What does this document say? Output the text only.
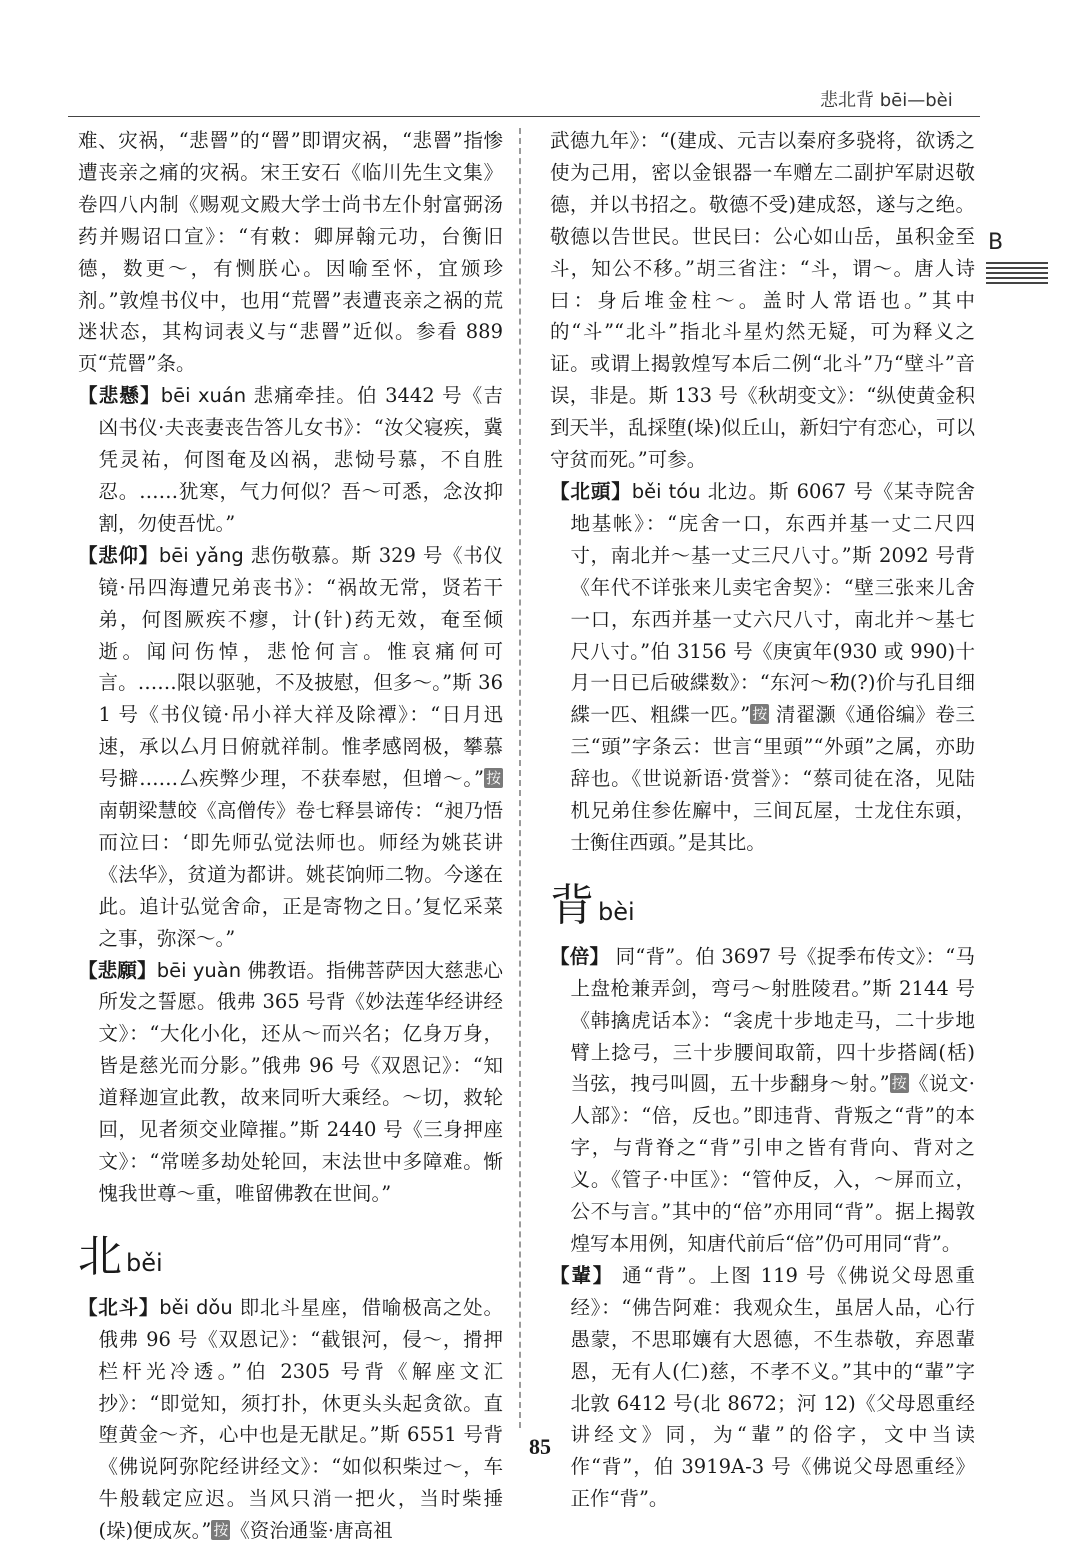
悲北背 bēi—bèi
B

难、灾祸，“悲罾”的“罾”即谓灾祸，“悲罾”指惨遭丧亲之痛的灾祸。宋王安石《临川先生文集》卷四八内制《赐观文殿大学士尚书左仆射富弼汤药并赐诏口宣》：“有敕：卿屏翰元功，台衡旧德，数更～，有恻朕心。因喻至怀，宜颁珍剂。”敦煌书仪中，也用“荒罾”表遭丧亲之祸的荒迷状态，其构词表义与“悲罾”近似。参看 889 页“荒罾”条。

【悲懸】bēi xuán 悲痛牵挂。伯 3442 号《吉凶书仪·夫丧妻丧告答儿女书》：“汝父寝疾，冀凭灵祐，何图奄及凶祸，悲恸号慕，不自胜忍。……犹寒，气力何似？吾～可悉，念汝抑割，勿使吾忧。”

【悲仰】bēi yǎng 悲伤敬慕。斯 329 号《书仪镜·吊四海遭兄弟丧书》：“祸故无常，贤若干弟，何图厥疾不瘳，计(针)药无效，奄至倾逝。闻问伤悼，悲怆何言。惟哀痛何可言。……限以驱驰，不及披慰，但多～。”斯 361 号《书仪镜·吊小祥大祥及除禫》：“日月迅速，承以厶月日俯就祥制。惟孝感罔极，攀慕号擗……厶疾弊少理，不获奉慰，但增～。” 按 南朝梁慧皎《高僧传》卷七释昙谛传：“昶乃悟而泣曰：‘即先师弘觉法师也。师经为姚苌讲《法华》，贫道为都讲。姚苌饷师二物。今遂在此。追计弘觉舍命，正是寄物之日。’复忆采菜之事，弥深～。”

【悲願】bēi yuàn 佛教语。指佛菩萨因大慈悲心所发之誓愿。俄弗 365 号背《妙法莲华经讲经文》：“大化小化，还从～而兴名；亿身万身，皆是慈光而分影。”俄弗 96 号《双恩记》：“知道释迦宣此教，故来同听大乘经。～切，救轮回，见者须交业障摧。”斯 2440 号《三身押座文》：“常嗟多劫处轮回，末法世中多障难。惭愧我世尊～重，唯留佛教在世间。”

北běi

【北斗】běi dǒu 即北斗星座，借喻极高之处。俄弗 96 号《双恩记》：“截银河，侵～，搰押栏杆光冷透。”伯 2305 号背《解座文汇抄》：“即觉知，须打扑，休更头头起贪欲。直堕黄金～齐，心中也是无猒足。”斯 6551 号背《佛说阿弥陀经讲经文》：“如似积柴过～，车牛般载定应迟。当风只消一把火，当时柴捶(垛)便成灰。” 按 《资治通鉴·唐高祖

武德九年》：“(建成、元吉以秦府多骁将，欲诱之使为己用，密以金银器一车赠左二副护军尉迟敬德，并以书招之。敬德不受)建成怒，遂与之绝。敬德以告世民。世民曰：公心如山岳，虽积金至斗，知公不移。”胡三省注：“斗，谓～。唐人诗曰：身后堆金柱～。盖时人常语也。”其中的“斗”“北斗”指北斗星灼然无疑，可为释义之证。或谓上揭敦煌写本后二例“北斗”乃“壁斗”音误，非是。斯 133 号《秋胡变文》：“纵使黄金积到天半，乱採堕(垛)似丘山，新妇宁有恋心，可以守贫而死。”可参。

【北頭】běi tóu 北边。斯 6067 号《某寺院舍地基帐》：“庑舍一口，东西并基一丈二尺四寸，南北并～基一丈三尺八寸。”斯 2092 号背《年代不详张来儿卖宅舍契》：“壁三张来儿舍一口，东西并基一丈六尺八寸，南北并～基七尺八寸。”伯 3156 号《庚寅年(930 或 990)十月一日已后破緤数》：“东河～𥝢(?)价与孔目细緤一匹、粗緤一匹。” 按 清翟灏《通俗编》卷三三“頭”字条云：世言“里頭”“外頭”之属，亦助辞也。《世说新语·赏誉》：“蔡司徒在洛，见陆机兄弟住参佐廨中，三间瓦屋，士龙住东頭，士衡住西頭。”是其比。

背bèi

【倍】 同“背”。伯 3697 号《捉季布传文》：“马上盘枪兼弄剑，弯弓～射胜陵君。”斯 2144 号《韩擒虎话本》：“衾虎十步地走马，二十步地臂上捻弓，三十步腰间取箭，四十步搭阔(栝)当弦，拽弓叫圆，五十步翻身～射。” 按 《说文·人部》：“倍，反也。”即违背、背叛之“背”的本字，与背脊之“背”引申之皆有背向、背对之义。《管子·中匡》：“管仲反，入，～屏而立，公不与言。”其中的“倍”亦用同“背”。据上揭敦煌写本用例，知唐代前后“倍”仍可用同“背”。

【輩】 通“背”。上图 119 号《佛说父母恩重经》：“佛告阿难：我观众生，虽居人品，心行愚蒙，不思耶孃有大恩德，不生恭敬，弃恩輩恩，无有人(仁)慈，不孝不义。”其中的“輩”字北敦 6412 号(北 8672；河 12)《父母恩重经讲经文》同，为“輩”的俗字，文中当读作“背”，伯 3919A-3 号《佛说父母恩重经》正作“背”。

85
